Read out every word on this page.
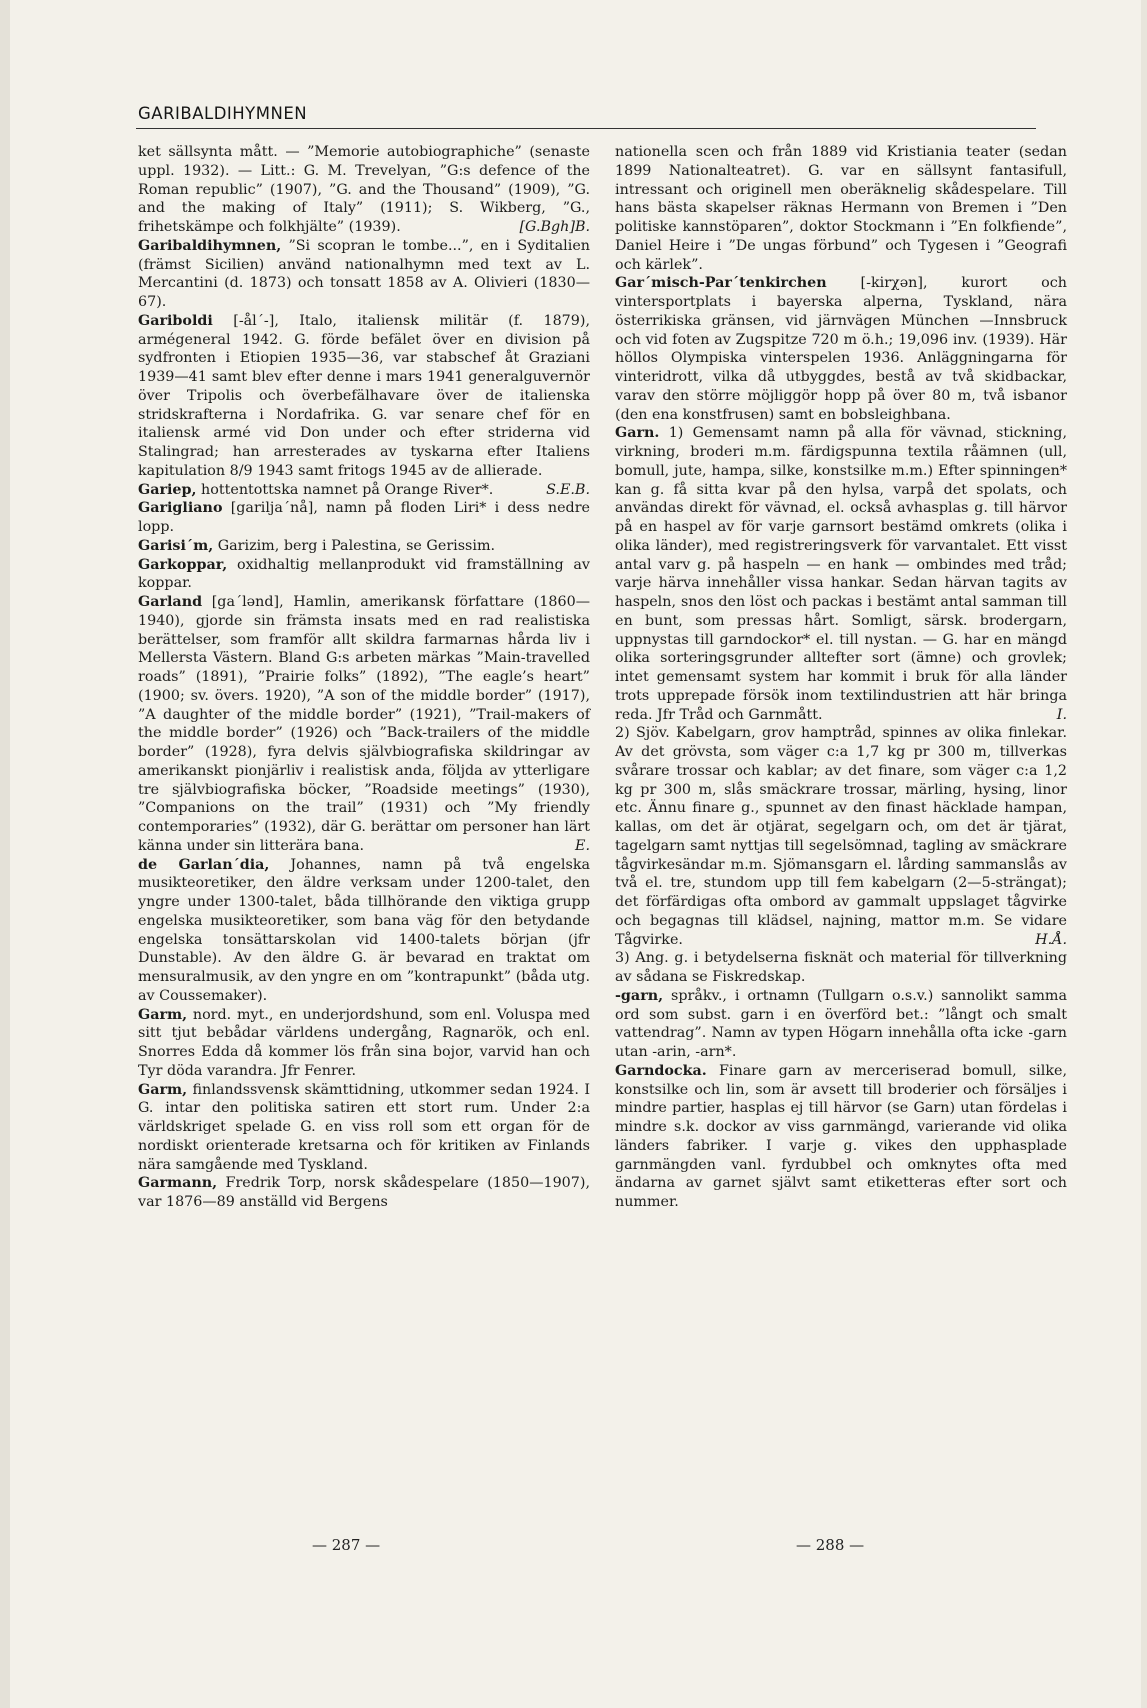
GARIBALDIHYMNEN

ket sällsynta mått. — ”Memorie autobiographiche” (senaste uppl. 1932). — Litt.: G. M. Trevelyan, ”G:s defence of the Roman republic” (1907), ”G. and the Thousand” (1909), ”G. and the making of Italy” (1911); S. Wikberg, ”G., frihetskämpe och folkhjälte” (1939).	[G.Bgh]B.

Garibaldihymnen, ”Si scopran le tombe...”, en i Syditalien (främst Sicilien) använd nationalhymn med text av L. Mercantini (d. 1873) och tonsatt 1858 av A. Olivieri (1830—67).

Gariboldi [-ål´-], Italo, italiensk militär (f. 1879), armégeneral 1942. G. förde befälet över en division på sydfronten i Etiopien 1935—36, var stabschef åt Graziani 1939—41 samt blev efter denne i mars 1941 generalguvernör över Tripolis och överbefälhavare över de italienska stridskrafterna i Nordafrika. G. var senare chef för en italiensk armé vid Don under och efter striderna vid Stalingrad; han arresterades av tyskarna efter Italiens kapitulation 8/9 1943 samt fritogs 1945 av de allierade.
S.E.B.

Gariep, hottentottska namnet på Orange River*.

Garigliano [garilja´nå], namn på floden Liri* i dess nedre lopp.

Garisi´m, Garizim, berg i Palestina, se Gerissim.

Garkoppar, oxidhaltig mellanprodukt vid framställning av koppar.

Garland [ga´lənd], Hamlin, amerikansk författare (1860—1940), gjorde sin främsta insats med en rad realistiska berättelser, som framför allt skildra farmarnas hårda liv i Mellersta Västern. Bland G:s arbeten märkas ”Main-travelled roads” (1891), ”Prairie folks” (1892), ”The eagle’s heart” (1900; sv. övers. 1920), ”A son of the middle border” (1917), ”A daughter of the middle border” (1921), ”Trail-makers of the middle border” (1926) och ”Back-trailers of the middle border” (1928), fyra delvis självbiografiska skildringar av amerikanskt pionjärliv i realistisk anda, följda av ytterligare tre självbiografiska böcker, ”Roadside meetings” (1930), ”Companions on the trail” (1931) och ”My friendly contemporaries” (1932), där G. berättar om personer han lärt känna under sin litterära bana.	E.

de Garlan´dia, Johannes, namn på två engelska musikteoretiker, den äldre verksam under 1200-talet, den yngre under 1300-talet, båda tillhörande den viktiga grupp engelska musikteoretiker, som bana väg för den betydande engelska tonsättarskolan vid 1400-talets början (jfr Dunstable). Av den äldre G. är bevarad en traktat om mensuralmusik, av den yngre en om ”kontrapunkt” (båda utg. av Coussemaker).

Garm, nord. myt., en underjordshund, som enl. Voluspa med sitt tjut bebådar världens undergång, Ragnarök, och enl. Snorres Edda då kommer lös från sina bojor, varvid han och Tyr döda varandra. Jfr Fenrer.

Garm, finlandssvensk skämttidning, utkommer sedan 1924. I G. intar den politiska satiren ett stort rum. Under 2:a världskriget spelade G. en viss roll som ett organ för de nordiskt orienterade kretsarna och för kritiken av Finlands nära samgående med Tyskland.

Garmann, Fredrik Torp, norsk skådespelare (1850—1907), var 1876—89 anställd vid Bergens

nationella scen och från 1889 vid Kristiania teater (sedan 1899 Nationalteatret). G. var en sällsynt fantasifull, intressant och originell men oberäknelig skådespelare. Till hans bästa skapelser räknas Hermann von Bremen i ”Den politiske kannstöparen”, doktor Stockmann i ”En folkfiende”, Daniel Heire i ”De ungas förbund” och Tygesen i ”Geografi och kärlek”.

Gar´misch-Par´tenkirchen [-kirχən], kurort och vintersportplats i bayerska alperna, Tyskland, nära österrikiska gränsen, vid järnvägen München —Innsbruck och vid foten av Zugspitze 720 m ö.h.; 19,096 inv. (1939). Här höllos Olympiska vinterspelen 1936. Anläggningarna för vinteridrott, vilka då utbyggdes, bestå av två skidbackar, varav den större möjliggör hopp på över 80 m, två isbanor (den ena konstfrusen) samt en bobsleighbana.

Garn. 1) Gemensamt namn på alla för vävnad, stickning, virkning, broderi m.m. färdigspunna textila råämnen (ull, bomull, jute, hampa, silke, konstsilke m.m.) Efter spinningen* kan g. få sitta kvar på den hylsa, varpå det spolats, och användas direkt för vävnad, el. också avhasplas g. till härvor på en haspel av för varje garnsort bestämd omkrets (olika i olika länder), med registreringsverk för varvantalet. Ett visst antal varv g. på haspeln — en hank — ombindes med tråd; varje härva innehåller vissa hankar. Sedan härvan tagits av haspeln, snos den löst och packas i bestämt antal samman till en bunt, som pressas hårt. Somligt, särsk. brodergarn, uppnystas till garndockor* el. till nystan. — G. har en mängd olika sorteringsgrunder alltefter sort (ämne) och grovlek; intet gemensamt system har kommit i bruk för alla länder trots upprepade försök inom textilindustrien att här bringa reda. Jfr Tråd och Garnmått.	I.

2) Sjöv. Kabelgarn, grov hamptråd, spinnes av olika finlekar. Av det grövsta, som väger c:a 1,7 kg pr 300 m, tillverkas svårare trossar och kablar; av det finare, som väger c:a 1,2 kg pr 300 m, slås smäckrare trossar, märling, hysing, linor etc. Ännu finare g., spunnet av den finast häcklade hampan, kallas, om det är otjärat, segelgarn och, om det är tjärat, tagelgarn samt nyttjas till segelsömnad, tagling av smäckrare tågvirkesändar m.m. Sjömansgarn el. lårding sammanslås av två el. tre, stundom upp till fem kabelgarn (2—5-strängat); det förfärdigas ofta ombord av gammalt uppslaget tågvirke och begagnas till klädsel, najning, mattor m.m. Se vidare Tågvirke.	H.Å.

3) Ang. g. i betydelserna fisknät och material för tillverkning av sådana se Fiskredskap.

-garn, språkv., i ortnamn (Tullgarn o.s.v.) sannolikt samma ord som subst. garn i en överförd bet.: ”långt och smalt vattendrag”. Namn av typen Högarn innehålla ofta icke -garn utan -arin, -arn*.

Garndocka. Finare garn av merceriserad bomull, silke, konstsilke och lin, som är avsett till broderier och försäljes i mindre partier, hasplas ej till härvor (se Garn) utan fördelas i mindre s.k. dockor av viss garnmängd, varierande vid olika länders fabriker. I varje g. vikes den upphasplade garnmängden vanl. fyrdubbel och omknytes ofta med ändarna av garnet självt samt etiketteras efter sort och nummer.

— 287 —	— 288 —
